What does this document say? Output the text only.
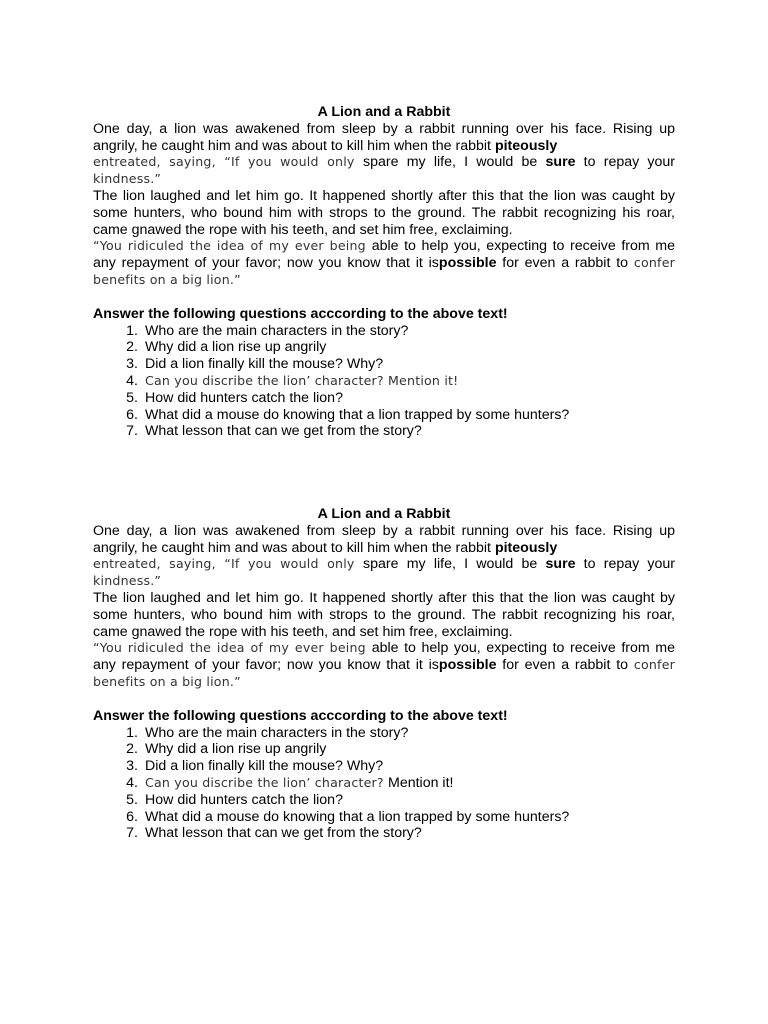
A Lion and a Rabbit

One day, a lion was awakened from sleep by a rabbit running over his face. Rising up angrily, he caught him and was about to kill him when the rabbit piteously
entreated, saying, “If you would only spare my life, I would be sure to repay your kindness.”

The lion laughed and let him go. It happened shortly after this that the lion was caught by some hunters, who bound him with strops to the ground. The rabbit recognizing his roar, came gnawed the rope with his teeth, and set him free, exclaiming.

“You ridiculed the idea of my ever being able to help you, expecting to receive from me any repayment of your favor; now you know that it ispossible for even a rabbit to confer benefits on a big lion.”

Answer the following questions acccording to the above text!

1. Who are the main characters in the story?
2. Why did a lion rise up angrily
3. Did a lion finally kill the mouse? Why?
4. Can you discribe the lion’ character? Mention it!
5. How did hunters catch the lion?
6. What did a mouse do knowing that a lion trapped by some hunters?
7. What lesson that can we get from the story?

A Lion and a Rabbit

One day, a lion was awakened from sleep by a rabbit running over his face. Rising up angrily, he caught him and was about to kill him when the rabbit piteously
entreated, saying, “If you would only spare my life, I would be sure to repay your kindness.”

The lion laughed and let him go. It happened shortly after this that the lion was caught by some hunters, who bound him with strops to the ground. The rabbit recognizing his roar, came gnawed the rope with his teeth, and set him free, exclaiming.

“You ridiculed the idea of my ever being able to help you, expecting to receive from me any repayment of your favor; now you know that it ispossible for even a rabbit to confer benefits on a big lion.”

Answer the following questions acccording to the above text!

1. Who are the main characters in the story?
2. Why did a lion rise up angrily
3. Did a lion finally kill the mouse? Why?
4. Can you discribe the lion’ character? Mention it!
5. How did hunters catch the lion?
6. What did a mouse do knowing that a lion trapped by some hunters?
7. What lesson that can we get from the story?
